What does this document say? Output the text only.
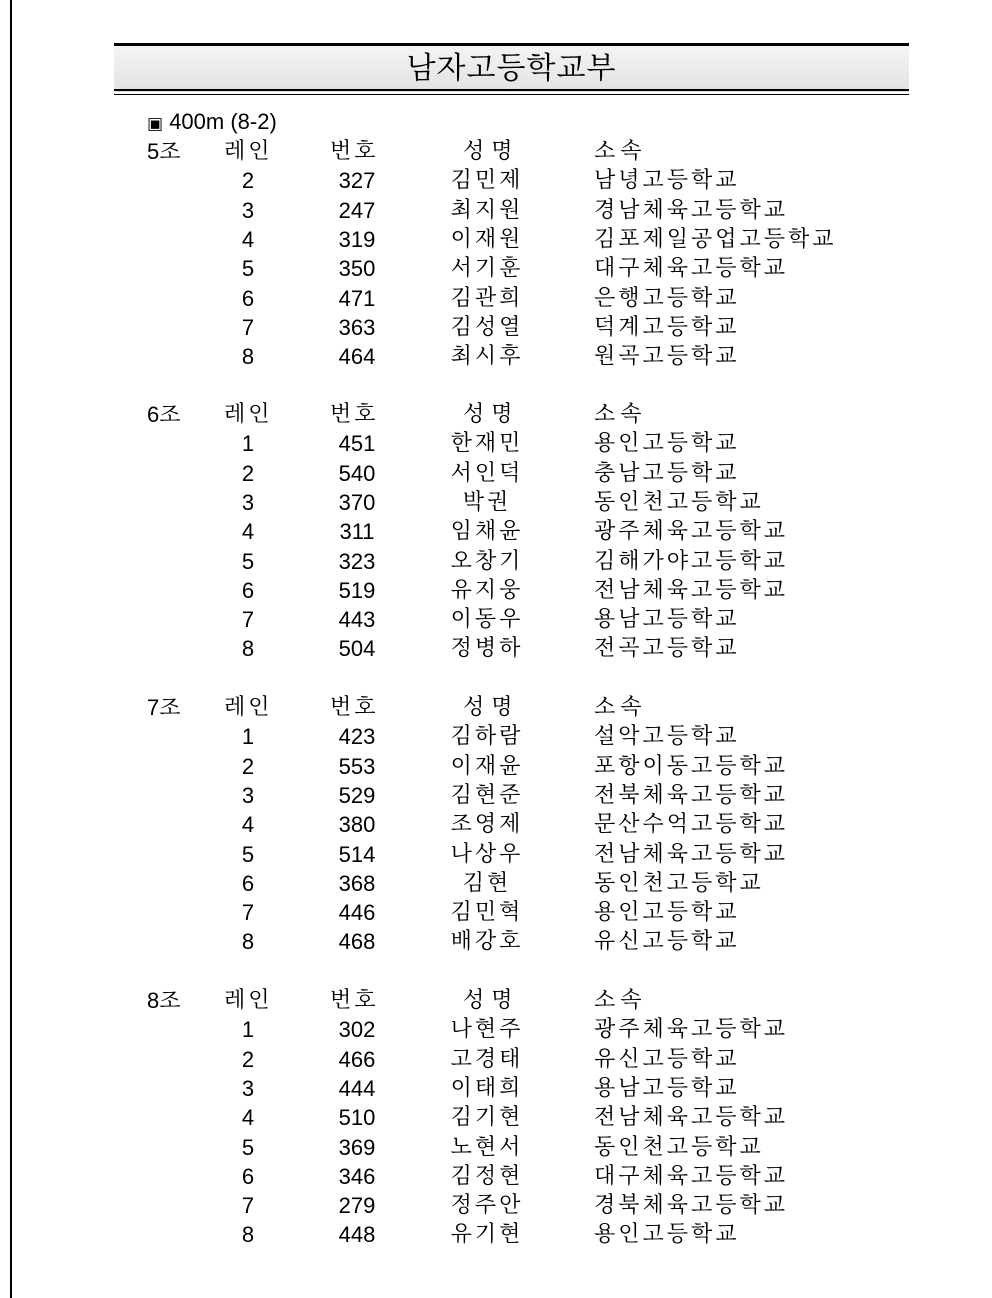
남자고등학교부
▣ 400m (8-2)
5조 레인	번호	성명	소속
2	327	김민제	남녕고등학교
3	247	최지원	경남체육고등학교
4	319	이재원	김포제일공업고등학교
5	350	서기훈	대구체육고등학교
6	471	김관희	은행고등학교
7	363	김성열	덕계고등학교
8	464	최시후	원곡고등학교
6조 레인	번호	성명	소속
1	451	한재민	용인고등학교
2	540	서인덕	충남고등학교
3	370	박권	동인천고등학교
4	311	임채윤	광주체육고등학교
5	323	오창기	김해가야고등학교
6	519	유지웅	전남체육고등학교
7	443	이동우	용남고등학교
8	504	정병하	전곡고등학교
7조 레인	번호	성명	소속
1	423	김하람	설악고등학교
2	553	이재윤	포항이동고등학교
3	529	김현준	전북체육고등학교
4	380	조영제	문산수억고등학교
5	514	나상우	전남체육고등학교
6	368	김현	동인천고등학교
7	446	김민혁	용인고등학교
8	468	배강호	유신고등학교
8조 레인	번호	성명	소속
1	302	나현주	광주체육고등학교
2	466	고경태	유신고등학교
3	444	이태희	용남고등학교
4	510	김기현	전남체육고등학교
5	369	노현서	동인천고등학교
6	346	김정현	대구체육고등학교
7	279	정주안	경북체육고등학교
8	448	유기현	용인고등학교
